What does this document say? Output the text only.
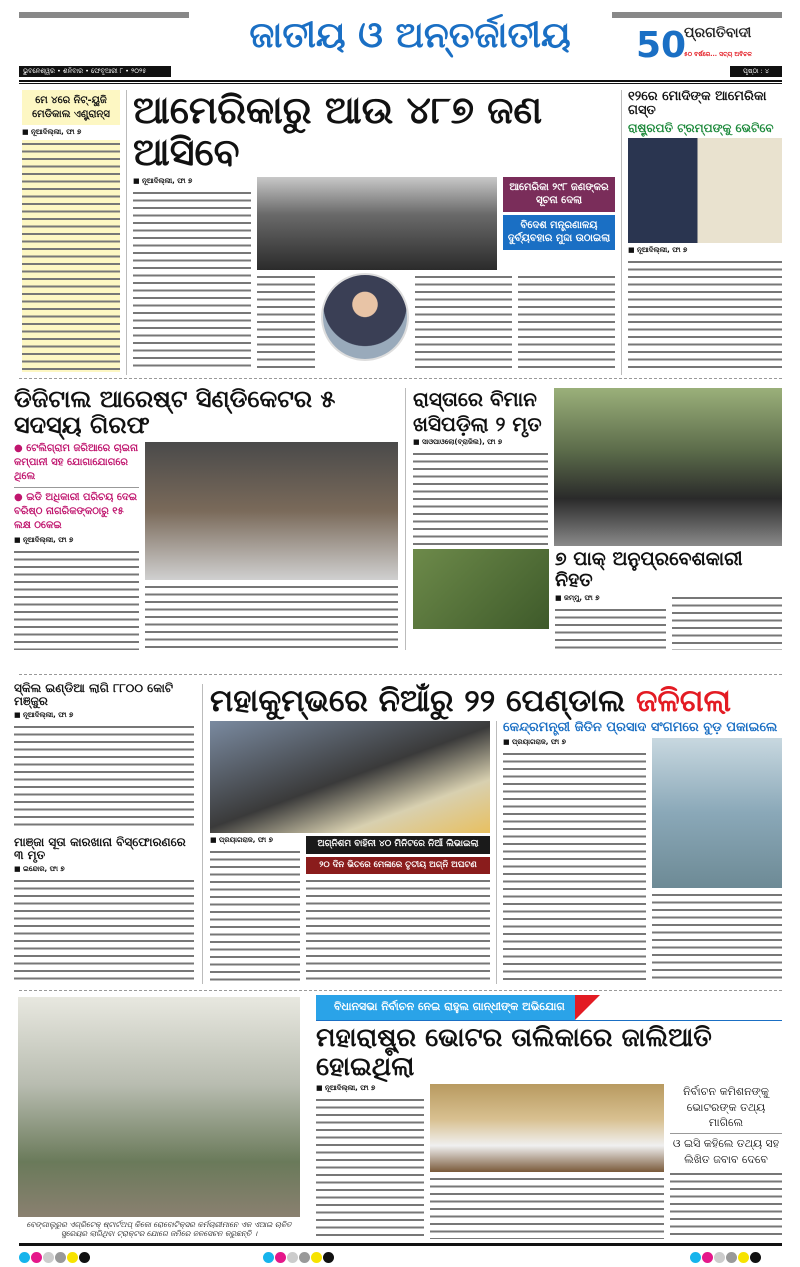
ଜାତୀୟ ଓ ଅନ୍ତର୍ଜାତୀୟ	50
ପ୍ରଗତିବାଦୀ
୫୦ ବର୍ଷରେ... ସତ୍ୟ ଅବିଚଳ
ଭୁବନେଶ୍ୱର • ଶନିବାର • ଫେବୃଆରୀ ୮ • ୨୦୨୫	ପୃଷ୍ଠା : ୪
ମେ ୪ରେ ନିଟ୍-ୟୁଜି ମେଡିକାଲ ଏଣ୍ଟ୍ରାନ୍ସ
■ ନୂଆଦିଲ୍ଲୀ, ଫା ୭	ଆମେରିକାରୁ ଆଉ ୪୮୭ ଜଣ ଆସିବେ
■ ନୂଆଦିଲ୍ଲୀ, ଫା ୭
ଆମେରିକା ୨୯୮ ଜଣଙ୍କର ସୂଚନା ଦେଲା
ବିଦେଶ ମନ୍ତ୍ରଣାଳୟ ଦୁର୍ବ୍ୟବହାର ମୁଦ୍ଦା ଉଠାଇଲା
୧୨ରେ ମୋଦିଙ୍କ ଆମେରିକା ଗସ୍ତ
ରାଷ୍ଟ୍ରପତି ଟ୍ରମ୍ପଙ୍କୁ ଭେଟିବେ
■ ନୂଆଦିଲ୍ଲୀ, ଫା ୭
ଡିଜିଟାଲ ଆରେଷ୍ଟ ସିଣ୍ଡିକେଟର ୫ ସଦସ୍ୟ ଗିରଫ
● ଟେଲିଗ୍ରାମ ଜରିଆରେ ଚାଇନା କମ୍ପାନୀ ସହ ଯୋଗାଯୋଗରେ ଥିଲେ
● ଇଡି ଅଧିକାରୀ ପରିଚୟ ଦେଇ ବରିଷ୍ଠ ନାଗରିକଙ୍କଠାରୁ ୧୫ ଲକ୍ଷ ଠକେଇ
■ ନୂଆଦିଲ୍ଲୀ, ଫା ୭
ରାସ୍ତାରେ ବିମାନ
ଖସିପଡ଼ିଲା ୨ ମୃତ
■ ସାଓପାଓଲୋ(ବ୍ରାଜିଲ), ଫା ୭
୭ ପାକ୍ ଅନୁପ୍ରବେଶକାରୀ ନିହତ
■ ଜମ୍ମୁ, ଫା ୭
ସ୍କିଲ ଇଣ୍ଡିଆ ଲାଗି ୮୮୦୦ କୋଟି ମଞ୍ଜୁର
■ ନୂଆଦିଲ୍ଲୀ, ଫା ୭
ମାଞ୍ଜା ସୂତା କାରଖାନା ବିସ୍ଫୋରଣରେ ୩ ମୃତ
■ ଇନ୍ଦୋର, ଫା ୭
ମହାକୁମ୍ଭରେ ନିଆଁରୁ ୨୨ ପେଣ୍ଡାଲ ଜଳିଗଲା
■ ପ୍ରୟାଗରାଜ, ଫା ୭	ଅଗ୍ନିଶମ ବାହିନୀ ୪୦ ମିନିଟରେ ନିଆଁ ଲିଭାଇଲା
୨୦ ଦିନ ଭିତରେ ମେଳାରେ ତୃତୀୟ ଅଗ୍ନି ଅଘଟଣ
କେନ୍ଦ୍ରମନ୍ତ୍ରୀ ଜିତିନ ପ୍ରସାଦ ସଂଗମରେ ବୁଡ଼ ପକାଇଲେ
■ ପ୍ରୟାଗରାଜ, ଫା ୭
ବେଙ୍ଗାଲୁରୁର ଏଗ୍ରିଟେକ୍ ଷ୍ଟାର୍ଟଅପ୍ କିକୋ ରୋବୋଟିକ୍ସର କର୍ମଚାରୀମାନେ ଏକ ଏଆଇ ଚାଳିତ ସ୍ପ୍ରେୟର ଲାଗିଥିବା ଟ୍ରାକ୍ଟର ଯୋଗେ ଜମିରେ ଜଳସେଚନ କରୁଛନ୍ତି ।
ବିଧାନସଭା ନିର୍ବାଚନ ନେଇ ରାହୁଲ ଗାନ୍ଧୀଙ୍କ ଅଭିଯୋଗ
ମହାରାଷ୍ଟ୍ର ଭୋଟର ତାଲିକାରେ ଜାଲିଆତି ହୋଇଥିଲା
■ ନୂଆଦିଲ୍ଲୀ, ଫା ୭	ନିର୍ବାଚନ କମିଶନଙ୍କୁ ଭୋଟରଙ୍କ ତଥ୍ୟ ମାଗିଲେ
ଓ ଇସି କହିଲେ ତଥ୍ୟ ସହ ଲିଖିତ ଜବାବ ଦେବେ
